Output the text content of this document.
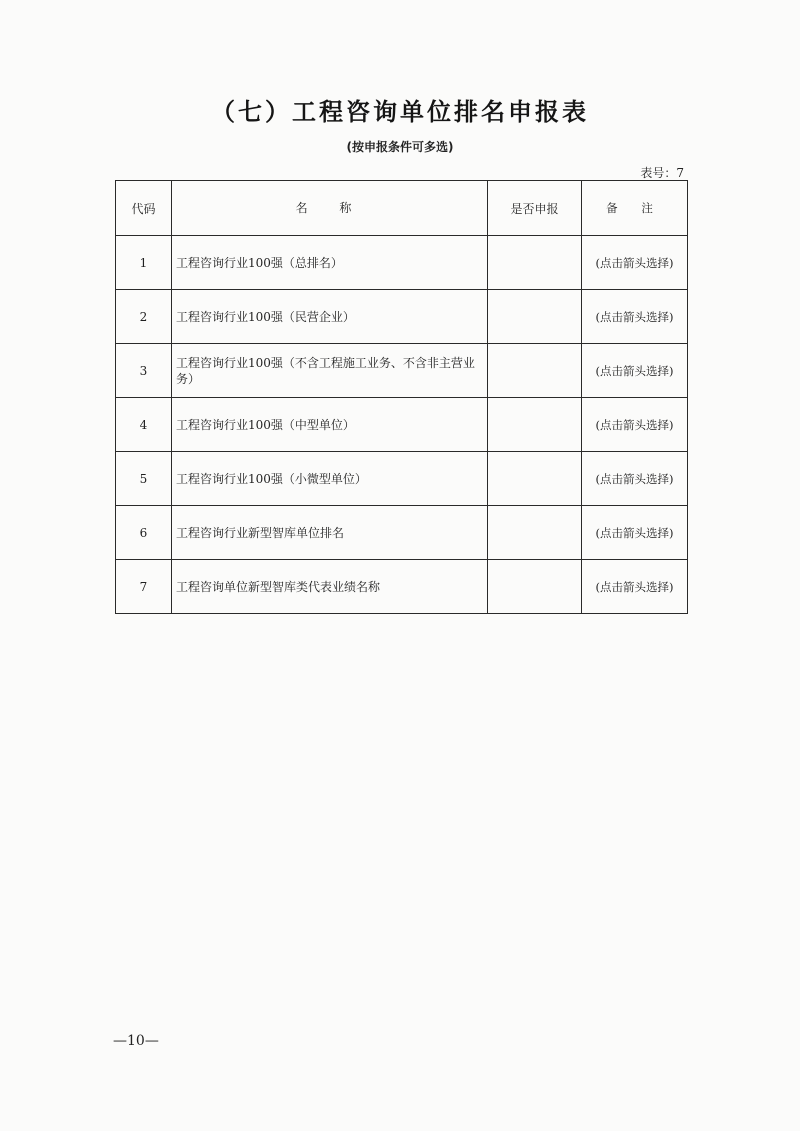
（七）工程咨询单位排名申报表
(按申报条件可多选)
表号：7
代码	名 称	是否申报	备 注
1	工程咨询行业100强（总排名）		(点击箭头选择)
2	工程咨询行业100强（民营企业）		(点击箭头选择)
3	工程咨询行业100强（不含工程施工业务、不含非主营业务）		(点击箭头选择)
4	工程咨询行业100强（中型单位）		(点击箭头选择)
5	工程咨询行业100强（小微型单位）		(点击箭头选择)
6	工程咨询行业新型智库单位排名		(点击箭头选择)
7	工程咨询单位新型智库类代表业绩名称		(点击箭头选择)
—10—
